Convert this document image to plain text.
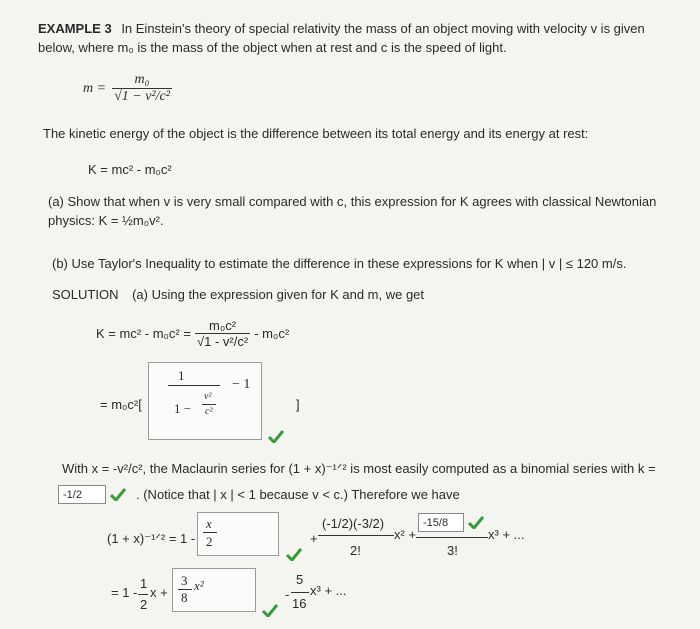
EXAMPLE 3 In Einstein's theory of special relativity the mass of an object moving with velocity v is given
below, where m₀ is the mass of the object when at rest and c is the speed of light.
$m = \frac{\text{m₀}}{\text{√1 − v²/c²}}$
The kinetic energy of the object is the difference between its total energy and its energy at rest:
K = mc² - m₀c²
(a) Show that when v is very small compared with c, this expression for K agrees with classical Newtonian
physics: K = ½m₀v².
(b) Use Taylor's Inequality to estimate the difference in these expressions for K when | v | ≤ 120 m/s.
SOLUTION (a) Using the expression given for K and m, we get
$K = mc^2 - m_0c^2 = \frac{\text{m₀c²}}{\text{√1 - v²/c²}} - m_0c^2$
= m₀c²[
1
1 −
v²
c²
− 1
]
With x = -v²/c², the Maclaurin series for (1 + x)⁻¹ᐟ² is most easily computed as a binomial series with k =
-1/2	. (Notice that | x | < 1 because v < c.) Therefore we have
(1 + x)⁻¹ᐟ² = 1 -
x
2	+
(-1/2)(-3/2)
2!
x² +
-15/8
3!
x³ + ...
= 1 -
1
2
x +
3
8
x²	5
-
16
x³ + ...
